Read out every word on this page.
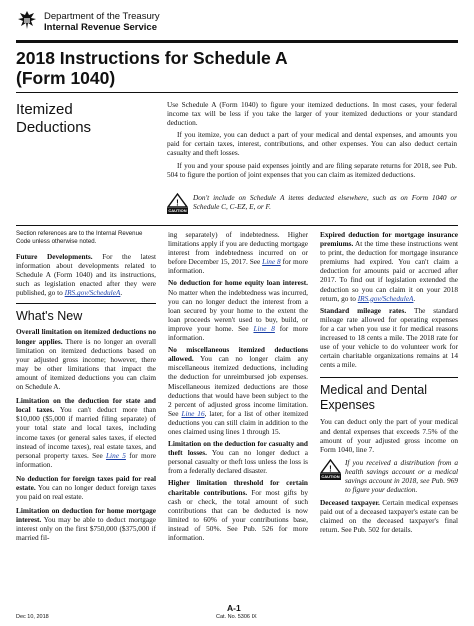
Department of the Treasury
Internal Revenue Service
2018 Instructions for Schedule A
(Form 1040)
Itemized
Deductions
Use Schedule A (Form 1040) to figure your itemized deductions. In most cases, your federal income tax will be less if you take the larger of your itemized deductions or your standard deduction.
If you itemize, you can deduct a part of your medical and dental expenses, and amounts you paid for certain taxes, interest, contributions, and other expenses. You can also deduct certain casualty and theft losses.
If you and your spouse paid expenses jointly and are filing separate returns for 2018, see Pub. 504 to figure the portion of joint expenses that you can claim as itemized deductions.
!
CAUTION
Don't include on Schedule A items deducted elsewhere, such as on Form 1040 or Schedule C, C-EZ, E, or F.
Section references are to the Internal Revenue Code unless otherwise noted.
Future Developments. For the latest information about developments related to Schedule A (Form 1040) and its instructions, such as legislation enacted after they were published, go to IRS.gov/ScheduleA.
What's New
Overall limitation on itemized deductions no longer applies. There is no longer an overall limitation on itemized deductions based on your adjusted gross income; however, there may be other limitations that impact the amount of itemized deductions you can claim on Schedule A.
Limitation on the deduction for state and local taxes. You can't deduct more than $10,000 ($5,000 if married filing separate) of your total state and local taxes, including income taxes (or general sales taxes, if elected instead of income taxes), real estate taxes, and personal property taxes. See Line 5 for more information.
No deduction for foreign taxes paid for real estate. You can no longer deduct foreign taxes you paid on real estate.
Limitation on deduction for home mortgage interest. You may be able to deduct mortgage interest only on the first $750,000 ($375,000 if married fil-
ing separately) of indebtedness. Higher limitations apply if you are deducting mortgage interest from indebtedness incurred on or before December 15, 2017. See Line 8 for more information.
No deduction for home equity loan interest. No matter when the indebtedness was incurred, you can no longer deduct the interest from a loan secured by your home to the extent the loan proceeds weren't used to buy, build, or improve your home. See Line 8 for more information.
No miscellaneous itemized deductions allowed. You can no longer claim any miscellaneous itemized deductions, including the deduction for unreimbursed job expenses. Miscellaneous itemized deductions are those deductions that would have been subject to the 2 percent of adjusted gross income limitation. See Line 16, later, for a list of other itemized deductions you can still claim in addition to the ones claimed using lines 1 through 15.
Limitation on the deduction for casualty and theft losses. You can no longer deduct a personal casualty or theft loss unless the loss is from a federally declared disaster.
Higher limitation threshold for certain charitable contributions. For most gifts by cash or check, the total amount of such contributions that can be deducted is now limited to 60% of your contributions base, instead of 50%. See Pub. 526 for more information.
Expired deduction for mortgage insurance premiums. At the time these instructions went to print, the deduction for mortgage insurance premiums had expired. You can't claim a deduction for amounts paid or accrued after 2017. To find out if legislation extended the deduction so you can claim it on your 2018 return, go to IRS.gov/ScheduleA.
Standard mileage rates. The standard mileage rate allowed for operating expenses for a car when you use it for medical reasons increased to 18 cents a mile. The 2018 rate for use of your vehicle to do volunteer work for certain charitable organizations remains at 14 cents a mile.
Medical and Dental
Expenses
You can deduct only the part of your medical and dental expenses that exceeds 7.5% of the amount of your adjusted gross income on Form 1040, line 7.
!
CAUTION
If you received a distribution from a health savings account or a medical savings account in 2018, see Pub. 969 to figure your deduction.
Deceased taxpayer. Certain medical expenses paid out of a deceased taxpayer's estate can be claimed on the deceased taxpayer's final return. See Pub. 502 for details.
Dec 10, 2018
A-1
Cat. No. 5306 IX
